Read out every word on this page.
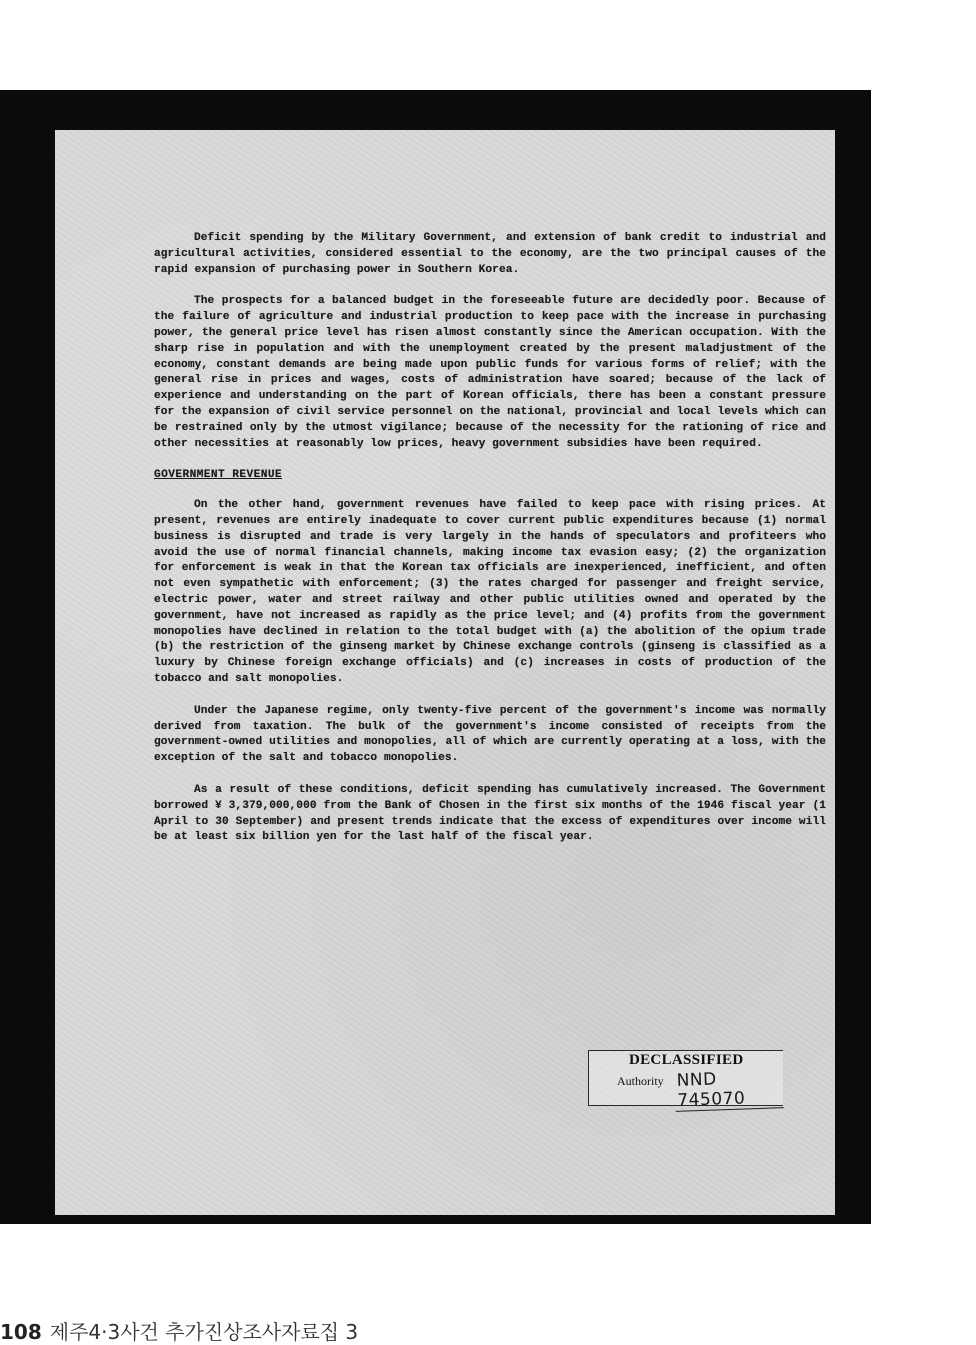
Deficit spending by the Military Government, and extension of bank credit to industrial and agricultural activities, considered essential to the economy, are the two principal causes of the rapid expansion of purchasing power in Southern Korea.

The prospects for a balanced budget in the foreseeable future are decidedly poor. Because of the failure of agriculture and industrial production to keep pace with the increase in purchasing power, the general price level has risen almost constantly since the American occupation. With the sharp rise in population and with the unemployment created by the present maladjustment of the economy, constant demands are being made upon public funds for various forms of relief; with the general rise in prices and wages, costs of administration have soared; because of the lack of experience and understanding on the part of Korean officials, there has been a constant pressure for the expansion of civil service personnel on the national, provincial and local levels which can be restrained only by the utmost vigilance; because of the necessity for the rationing of rice and other necessities at reasonably low prices, heavy government subsidies have been required.

GOVERNMENT REVENUE

On the other hand, government revenues have failed to keep pace with rising prices. At present, revenues are entirely inadequate to cover current public expenditures because (1) normal business is disrupted and trade is very largely in the hands of speculators and profiteers who avoid the use of normal financial channels, making income tax evasion easy; (2) the organization for enforcement is weak in that the Korean tax officials are inexperienced, inefficient, and often not even sympathetic with enforcement; (3) the rates charged for passenger and freight service, electric power, water and street railway and other public utilities owned and operated by the government, have not increased as rapidly as the price level; and (4) profits from the government monopolies have declined in relation to the total budget with (a) the abolition of the opium trade (b) the restriction of the ginseng market by Chinese exchange controls (ginseng is classified as a luxury by Chinese foreign exchange officials) and (c) increases in costs of production of the tobacco and salt monopolies.

Under the Japanese regime, only twenty-five percent of the government's income was normally derived from taxation. The bulk of the government's income consisted of receipts from the government-owned utilities and monopolies, all of which are currently operating at a loss, with the exception of the salt and tobacco monopolies.

As a result of these conditions, deficit spending has cumulatively increased. The Government borrowed ¥ 3,379,000,000 from the Bank of Chosen in the first six months of the 1946 fiscal year (1 April to 30 September) and present trends indicate that the excess of expenditures over income will be at least six billion yen for the last half of the fiscal year.

DECLASSIFIED
Authority NND 745070
108 제주4·3사건 추가진상조사자료집 3
